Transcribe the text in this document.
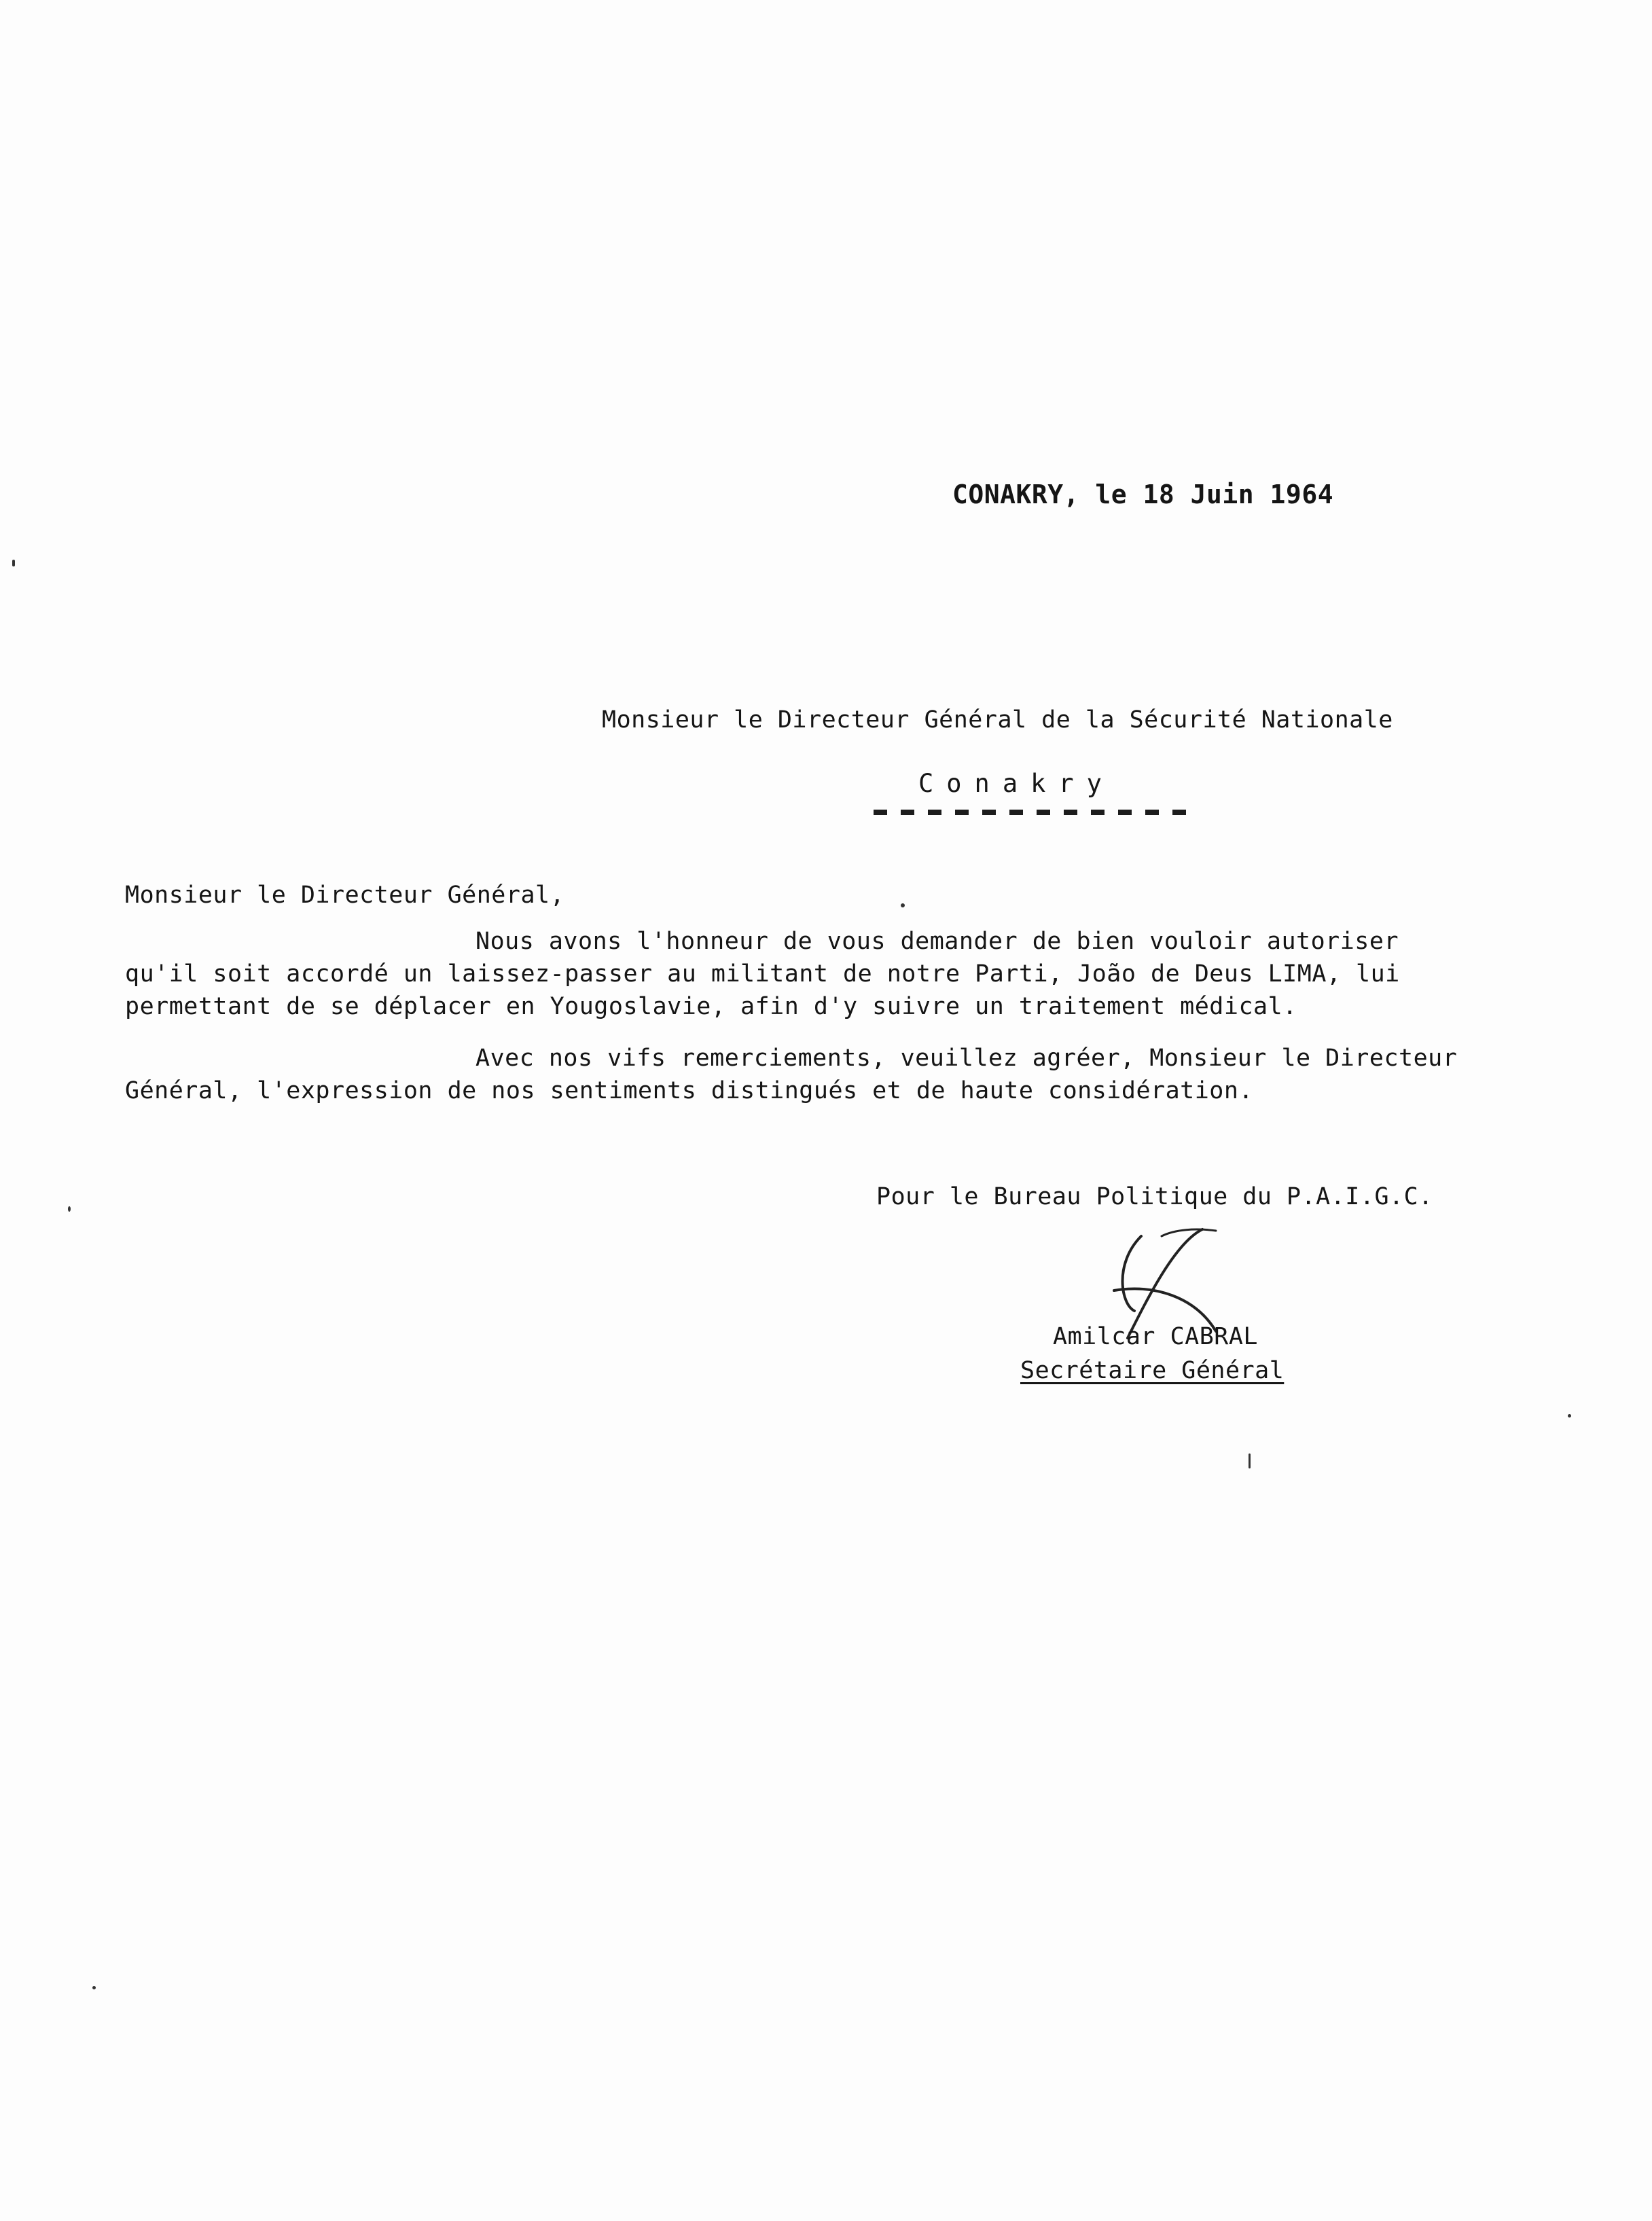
CONAKRY, le 18 Juin 1964
Monsieur le Directeur Général de la Sécurité Nationale
Conakry
Monsieur le Directeur Général,
Nous avons l'honneur de vous demander de bien vouloir autoriser
qu'il soit accordé un laissez-passer au militant de notre Parti, João de Deus LIMA, lui
permettant de se déplacer en Yougoslavie, afin d'y suivre un traitement médical.
Avec nos vifs remerciements, veuillez agréer, Monsieur le Directeur
Général, l'expression de nos sentiments distingués et de haute considération.
Pour le Bureau Politique du P.A.I.G.C.
Amilcar CABRAL
Secrétaire Général
